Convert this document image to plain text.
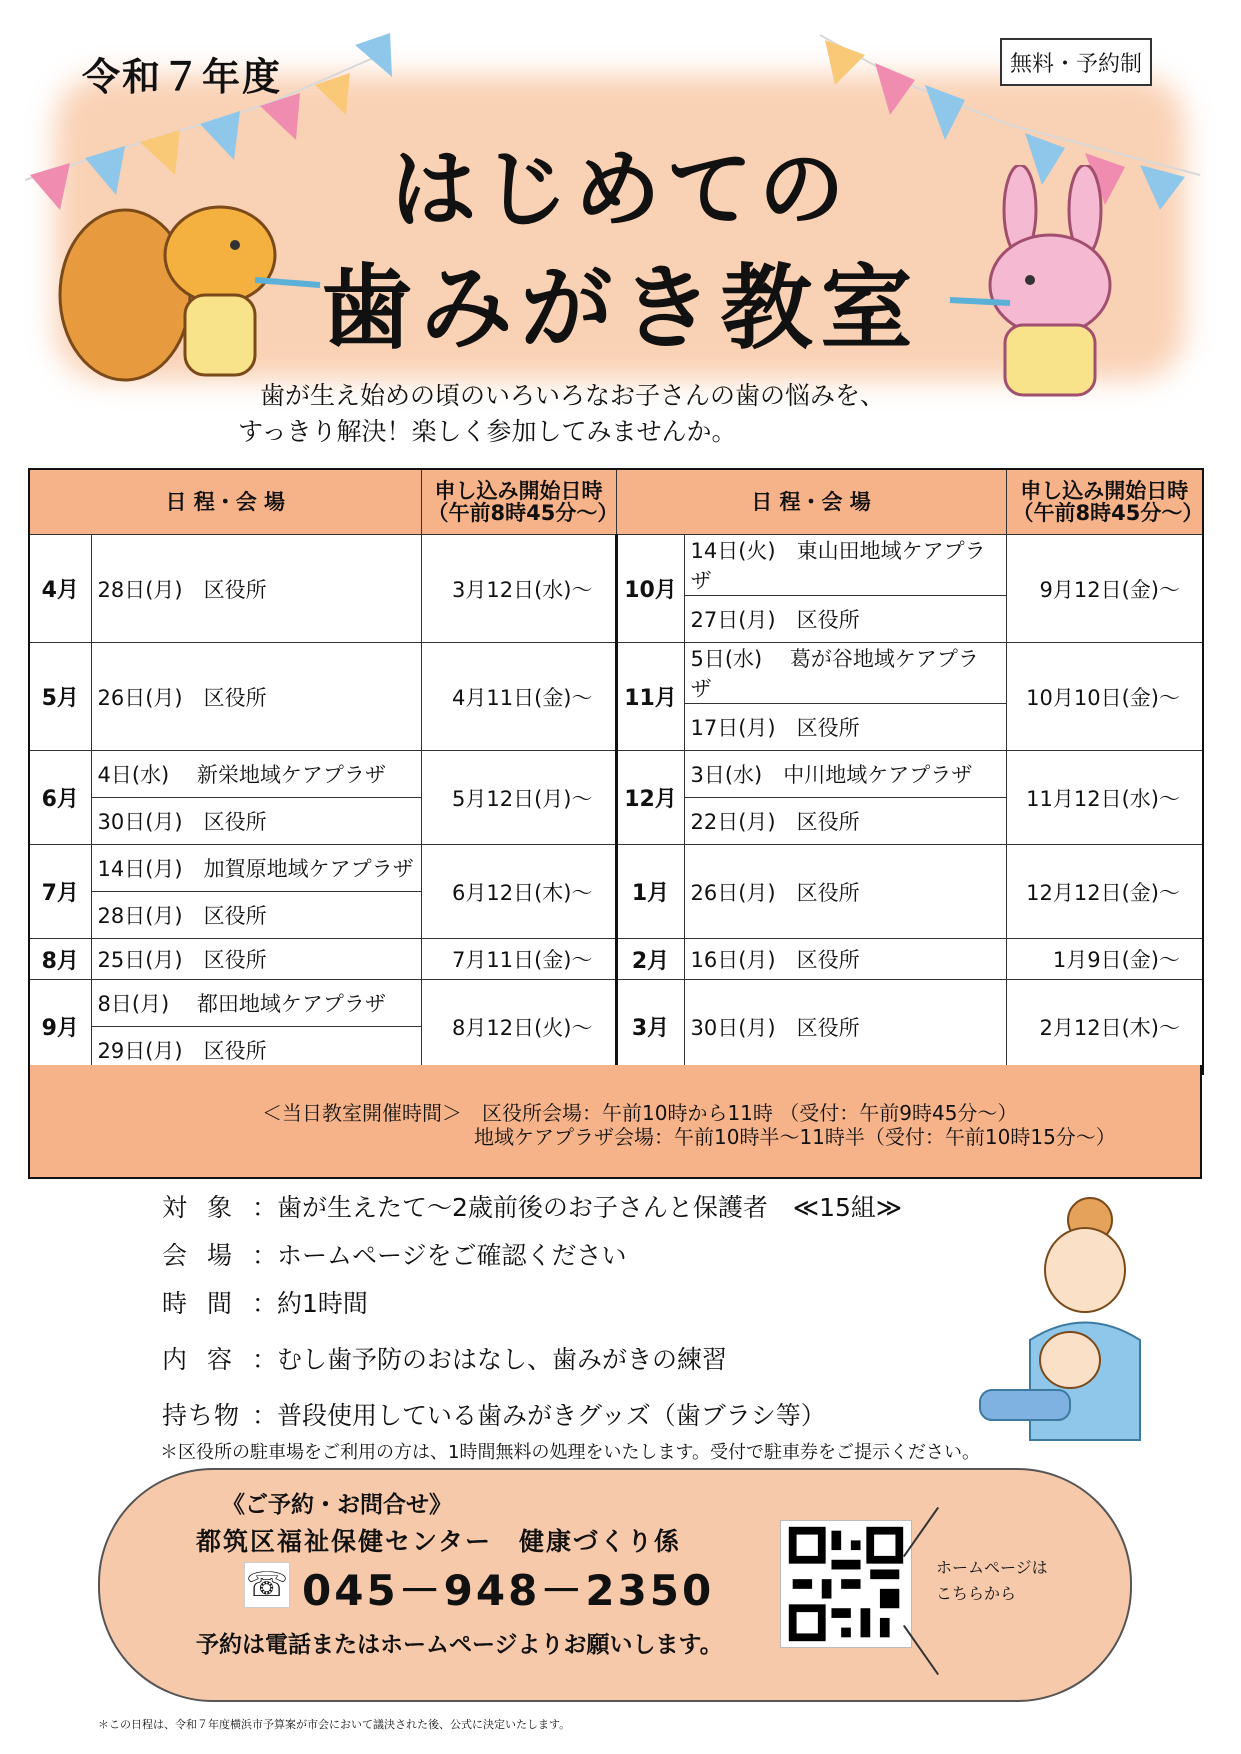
令和７年度	無料・予約制
はじめての
歯みがき教室
歯が生え始めの頃のいろいろなお子さんの歯の悩みを、
すっきり解決！楽しく参加してみませんか。
日 程・会 場		申し込み開始日時
（午前8時45分～）	日 程・会 場		申し込み開始日時
（午前8時45分～）
4月	28日(月)　区役所	3月12日(水)～	10月	14日(火)　東山田地域ケアプラザ	9月12日(金)～
				27日(月)　区役所	
5月	26日(月)　区役所	4月11日(金)～	11月	5日(水)　 葛が谷地域ケアプラザ	10月10日(金)～
				17日(月)　区役所	
6月	4日(水)　 新栄地域ケアプラザ	5月12日(月)～	12月	3日(水)　中川地域ケアプラザ	11月12日(水)～
	30日(月)　区役所			22日(月)　区役所	
7月	14日(月)　加賀原地域ケアプラザ	6月12日(木)～	1月	26日(月)　区役所	12月12日(金)～
	28日(月)　区役所				
8月	25日(月)　区役所	7月11日(金)～	2月	16日(月)　区役所	1月9日(金)～
9月	8日(月)　 都田地域ケアプラザ	8月12日(火)～	3月	30日(月)　区役所	2月12日(木)～
	29日(月)　区役所				
＜当日教室開催時間＞　区役所会場：午前10時から11時 （受付：午前9時45分～）
地域ケアプラザ会場：午前10時半～11時半（受付：午前10時15分～）
対 象 ：歯が生えたて～2歳前後のお子さんと保護者　≪15組≫
会 場 ：ホームページをご確認ください
時 間 ：約1時間
内 容 ：むし歯予防のおはなし、歯みがきの練習
持ち物 ：普段使用している歯みがきグッズ（歯ブラシ等）
＊区役所の駐車場をご利用の方は、1時間無料の処理をいたします。受付で駐車券をご提示ください。
《ご予約・お問合せ》
都筑区福祉保健センター　健康づくり係
☏ 045－948－2350
予約は電話またはホームページよりお願いします。
ホームページは
こちらから
＊この日程は、令和７年度横浜市予算案が市会において議決された後、公式に決定いたします。
